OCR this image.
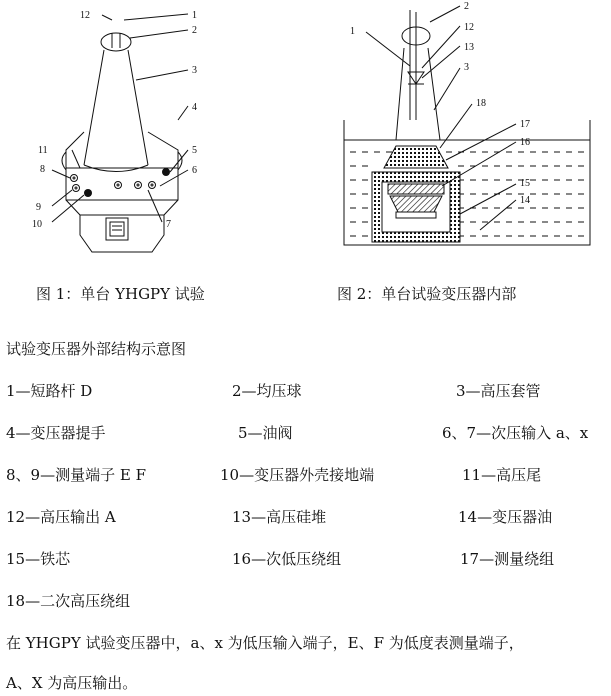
12	1
2
3
4
5
6
11
8
9
10	7
2
1	12
13
3
18
17
16
15
14
图 1：单台 YHGPY 试验	图 2：单台试验变压器内部
试验变压器外部结构示意图
1—短路杆 D	2—均压球	3—高压套管
4—变压器提手	5—油阀	6、7—次压输入 a、x
8、9—测量端子 E F	10—变压器外壳接地端	11—高压尾
12—高压输出 A	13—高压硅堆	14—变压器油
15—铁芯	16—次低压绕组	17—测量绕组
18—二次高压绕组
在 YHGPY 试验变压器中，a、x 为低压输入端子，E、F 为低度表测量端子，
A、X 为高压输出。
